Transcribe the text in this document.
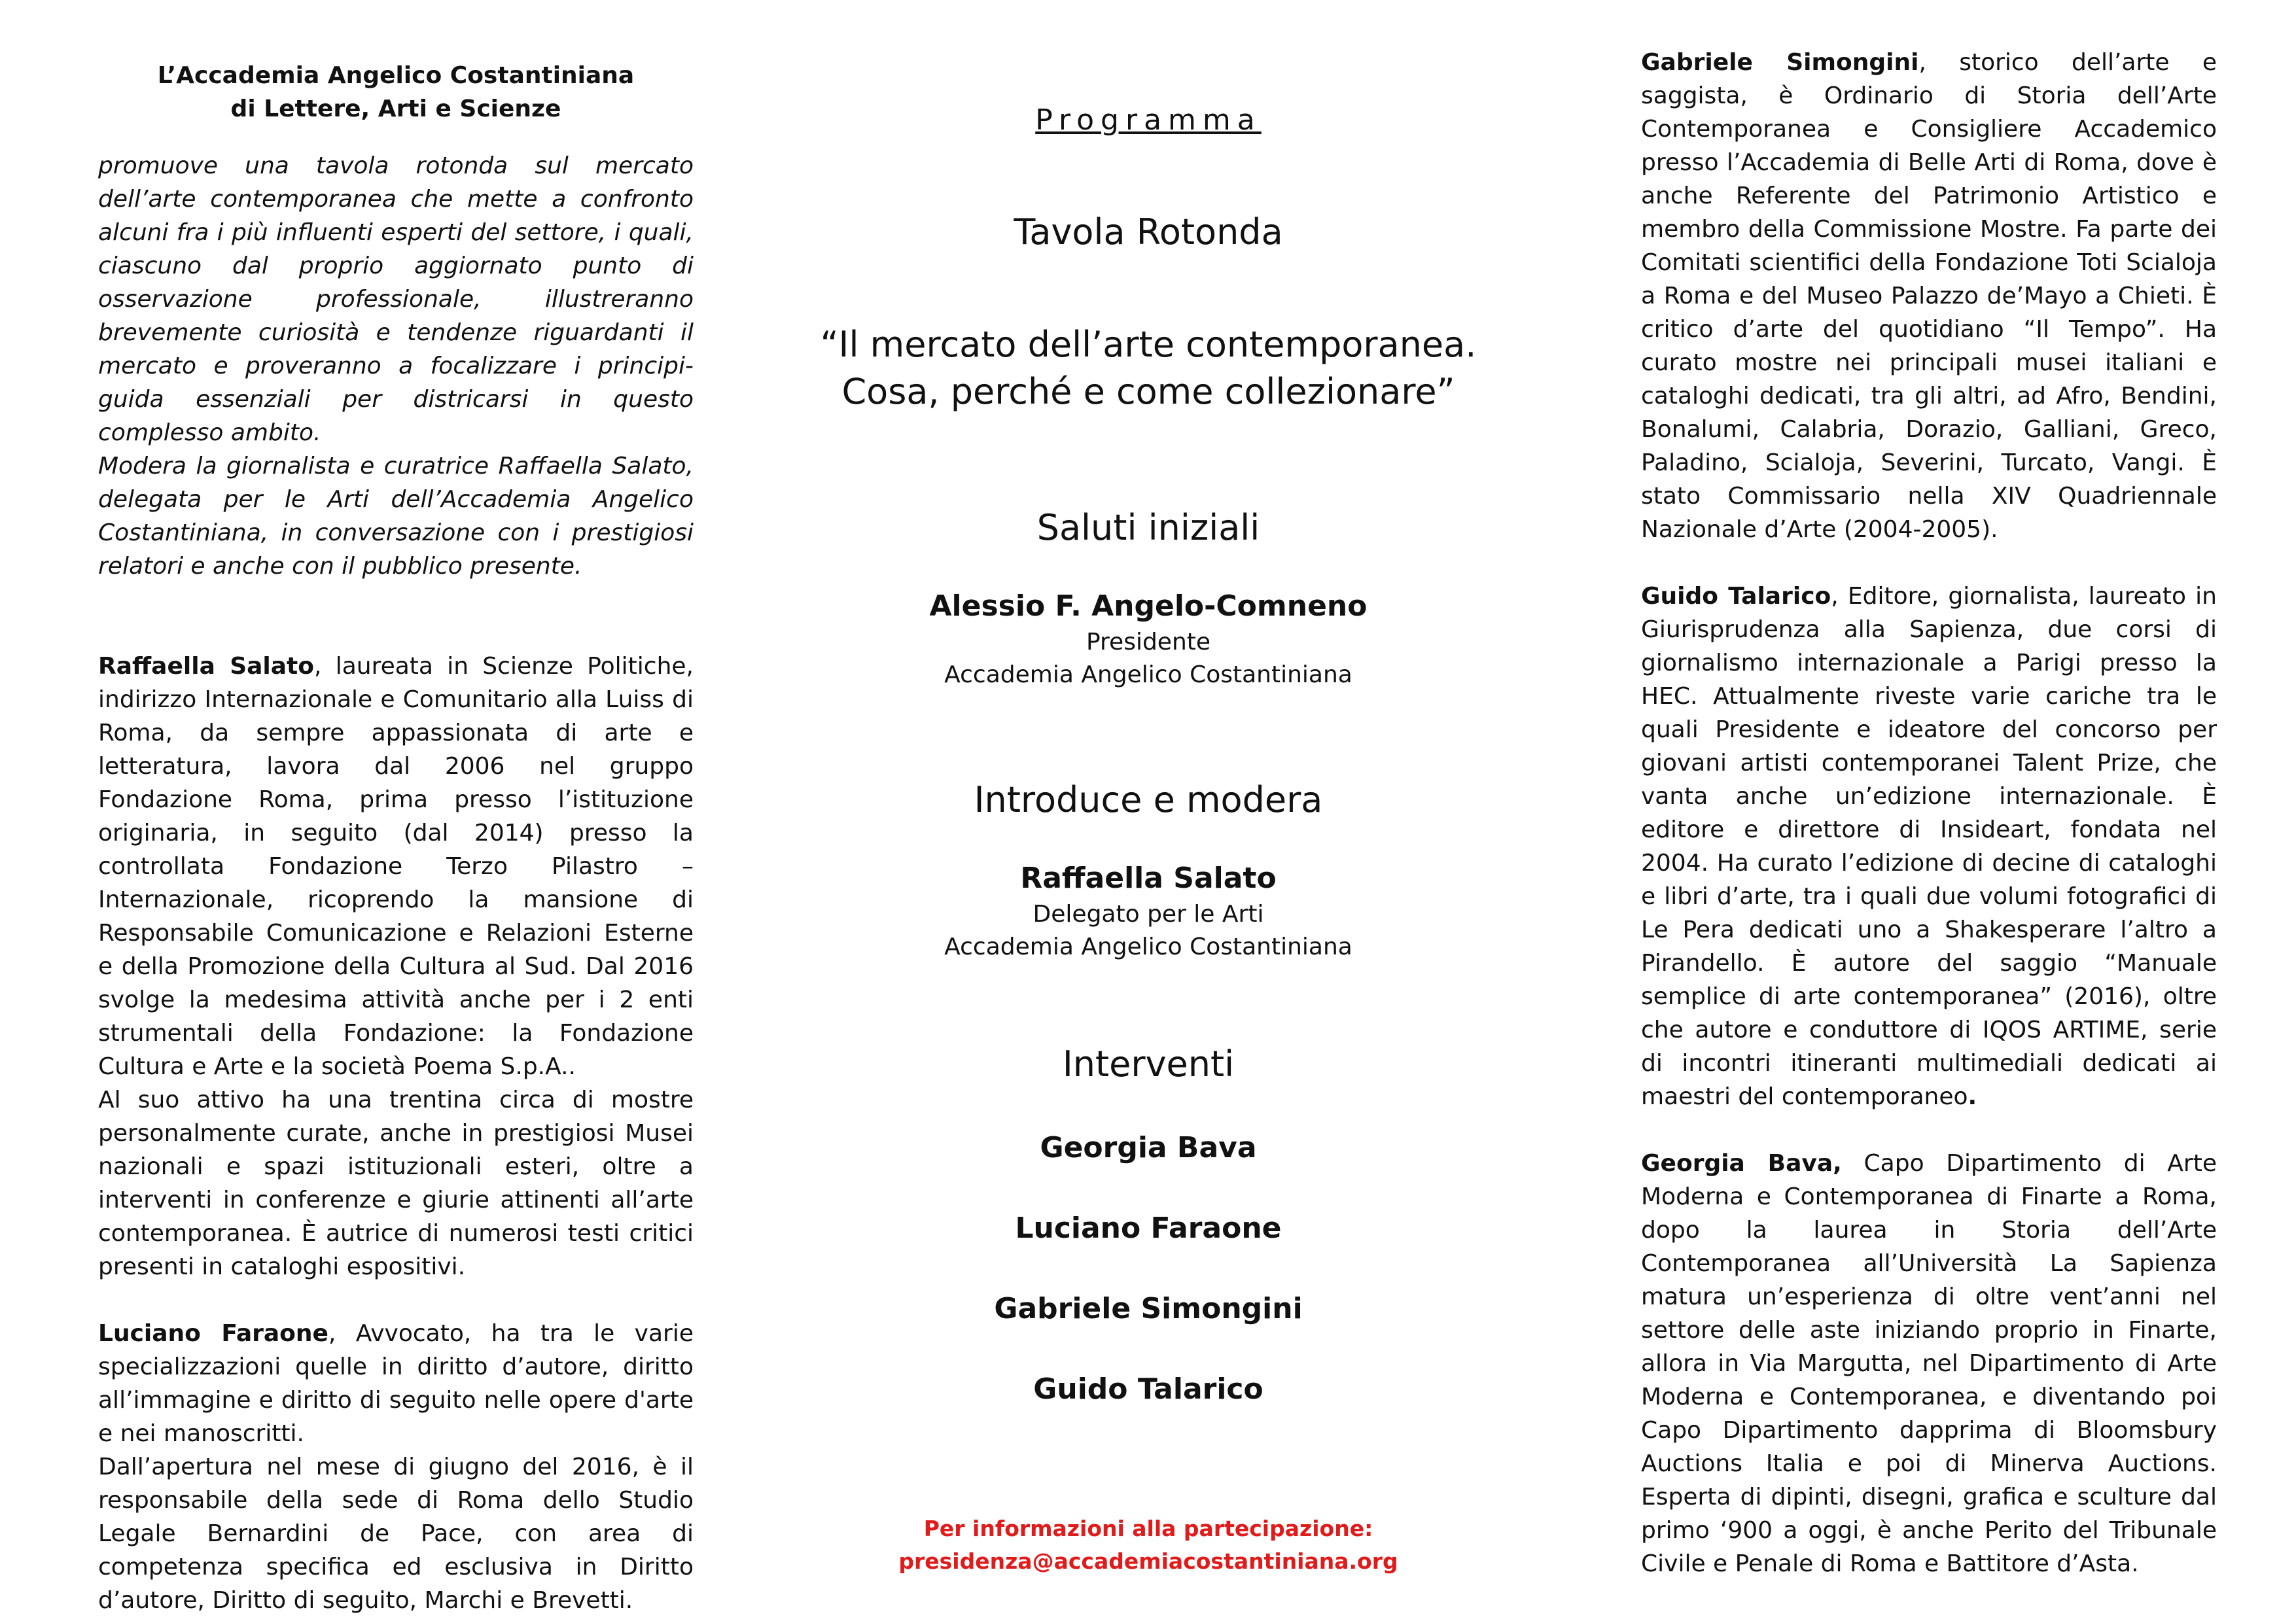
L’Accademia Angelico Costantiniana
di Lettere, Arti e Scienze

promuove una tavola rotonda sul mercato dell’arte contemporanea che mette a confronto alcuni fra i più influenti esperti del settore, i quali, ciascuno dal proprio aggiornato punto di osservazione professionale, illustreranno brevemente curiosità e tendenze riguardanti il mercato e proveranno a focalizzare i principi-guida essenziali per districarsi in questo complesso ambito.

Modera la giornalista e curatrice Raffaella Salato, delegata per le Arti dell’Accademia Angelico Costantiniana, in conversazione con i prestigiosi relatori e anche con il pubblico presente.

Raffaella Salato, laureata in Scienze Politiche, indirizzo Internazionale e Comunitario alla Luiss di Roma, da sempre appassionata di arte e letteratura, lavora dal 2006 nel gruppo Fondazione Roma, prima presso l’istituzione originaria, in seguito (dal 2014) presso la controllata Fondazione Terzo Pilastro – Internazionale, ricoprendo la mansione di Responsabile Comunicazione e Relazioni Esterne e della Promozione della Cultura al Sud. Dal 2016 svolge la medesima attività anche per i 2 enti strumentali della Fondazione: la Fondazione Cultura e Arte e la società Poema S.p.A..

Al suo attivo ha una trentina circa di mostre personalmente curate, anche in prestigiosi Musei nazionali e spazi istituzionali esteri, oltre a interventi in conferenze e giurie attinenti all’arte contemporanea. È autrice di numerosi testi critici presenti in cataloghi espositivi.

Luciano Faraone, Avvocato, ha tra le varie specializzazioni quelle in diritto d’autore, diritto all’immagine e diritto di seguito nelle opere d'arte e nei manoscritti.

Dall’apertura nel mese di giugno del 2016, è il responsabile della sede di Roma dello Studio Legale Bernardini de Pace, con area di competenza specifica ed esclusiva in Diritto d’autore, Diritto di seguito, Marchi e Brevetti.

Programma
Tavola Rotonda
“Il mercato dell’arte contemporanea.
Cosa, perché e come collezionare”
Saluti iniziali
Alessio F. Angelo-Comneno
Presidente
Accademia Angelico Costantiniana
Introduce e modera
Raffaella Salato
Delegato per le Arti
Accademia Angelico Costantiniana
Interventi
Georgia Bava
Luciano Faraone
Gabriele Simongini
Guido Talarico
Per informazioni alla partecipazione:
presidenza@accademiacostantiniana.org

Gabriele Simongini, storico dell’arte e saggista, è Ordinario di Storia dell’Arte Contemporanea e Consigliere Accademico presso l’Accademia di Belle Arti di Roma, dove è anche Referente del Patrimonio Artistico e membro della Commissione Mostre. Fa parte dei Comitati scientifici della Fondazione Toti Scialoja a Roma e del Museo Palazzo de’Mayo a Chieti. È critico d’arte del quotidiano “Il Tempo”. Ha curato mostre nei principali musei italiani e cataloghi dedicati, tra gli altri, ad Afro, Bendini, Bonalumi, Calabria, Dorazio, Galliani, Greco, Paladino, Scialoja, Severini, Turcato, Vangi. È stato Commissario nella XIV Quadriennale Nazionale d’Arte (2004-2005).

Guido Talarico, Editore, giornalista, laureato in Giurisprudenza alla Sapienza, due corsi di giornalismo internazionale a Parigi presso la HEC. Attualmente riveste varie cariche tra le quali Presidente e ideatore del concorso per giovani artisti contemporanei Talent Prize, che vanta anche un’edizione internazionale. È editore e direttore di Insideart, fondata nel 2004. Ha curato l’edizione di decine di cataloghi e libri d’arte, tra i quali due volumi fotografici di Le Pera dedicati uno a Shakesperare l’altro a Pirandello. È autore del saggio “Manuale semplice di arte contemporanea” (2016), oltre che autore e conduttore di IQOS ARTIME, serie di incontri itineranti multimediali dedicati ai maestri del contemporaneo.

Georgia Bava, Capo Dipartimento di Arte Moderna e Contemporanea di Finarte a Roma, dopo la laurea in Storia dell’Arte Contemporanea all’Università La Sapienza matura un’esperienza di oltre vent’anni nel settore delle aste iniziando proprio in Finarte, allora in Via Margutta, nel Dipartimento di Arte Moderna e Contemporanea, e diventando poi Capo Dipartimento dapprima di Bloomsbury Auctions Italia e poi di Minerva Auctions. Esperta di dipinti, disegni, grafica e sculture dal primo ‘900 a oggi, è anche Perito del Tribunale Civile e Penale di Roma e Battitore d’Asta.
